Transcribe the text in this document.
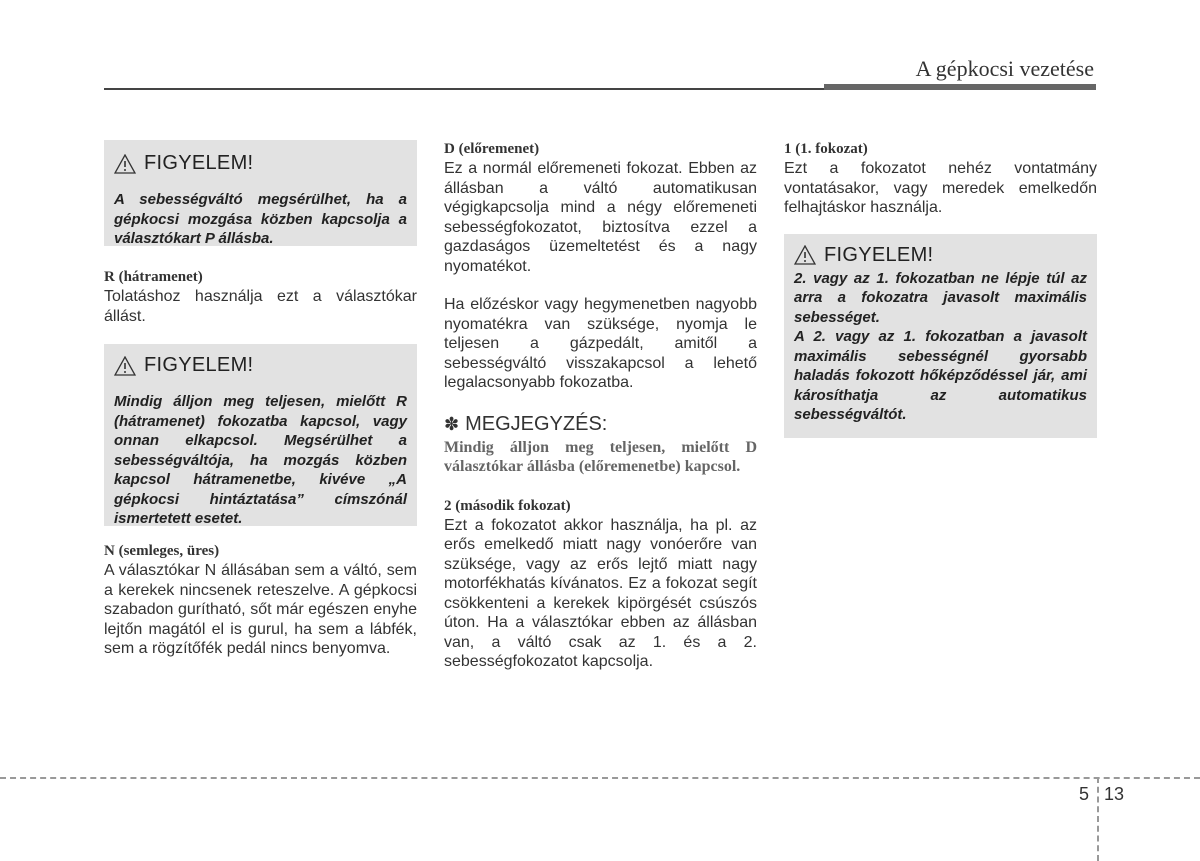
A gépkocsi vezetése
FIGYELEM!

A sebességváltó megsérülhet, ha a gépkocsi mozgása közben kapcsolja a választókart P állásba.

R (hátramenet)

Tolatáshoz használja ezt a választókar állást.

FIGYELEM!

Mindig álljon meg teljesen, mielőtt R (hátramenet) fokozatba kapcsol, vagy onnan elkapcsol. Megsérülhet a sebességváltója, ha mozgás közben kapcsol hátramenetbe, kivéve „A gépkocsi hintáztatása” címszónál ismertetett esetet.

N (semleges, üres)

A választókar N állásában sem a váltó, sem a kerekek nincsenek reteszelve. A gépkocsi szabadon gurítható, sőt már egészen enyhe lejtőn magától el is gurul, ha sem a lábfék, sem a rögzítőfék pedál nincs benyomva.

D (előremenet)

Ez a normál előremeneti fokozat. Ebben az állásban a váltó automatikusan végigkapcsolja mind a négy előremeneti sebességfokozatot, biztosítva ezzel a gazdaságos üzemeltetést és a nagy nyomatékot.

Ha előzéskor vagy hegymenetben nagyobb nyomatékra van szüksége, nyomja le teljesen a gázpedált, amitől a sebességváltó visszakapcsol a lehető legalacsonyabb fokozatba.

✽ MEGJEGYZÉS:

Mindig álljon meg teljesen, mielőtt D választókar állásba (előremenetbe) kapcsol.

2 (második fokozat)

Ezt a fokozatot akkor használja, ha pl. az erős emelkedő miatt nagy vonóerőre van szüksége, vagy az erős lejtő miatt nagy motorfékhatás kívánatos. Ez a fokozat segít csökkenteni a kerekek kipörgését csúszós úton. Ha a választókar ebben az állásban van, a váltó csak az 1. és a 2. sebességfokozatot kapcsolja.

1 (1. fokozat)

Ezt a fokozatot nehéz vontatmány vontatásakor, vagy meredek emelkedőn felhajtáskor használja.

FIGYELEM!

2. vagy az 1. fokozatban ne lépje túl az arra a fokozatra javasolt maximális sebességet.

A 2. vagy az 1. fokozatban a javasolt maximális sebességnél gyorsabb haladás fokozott hőképződéssel jár, ami károsíthatja az automatikus sebességváltót.

5 13
